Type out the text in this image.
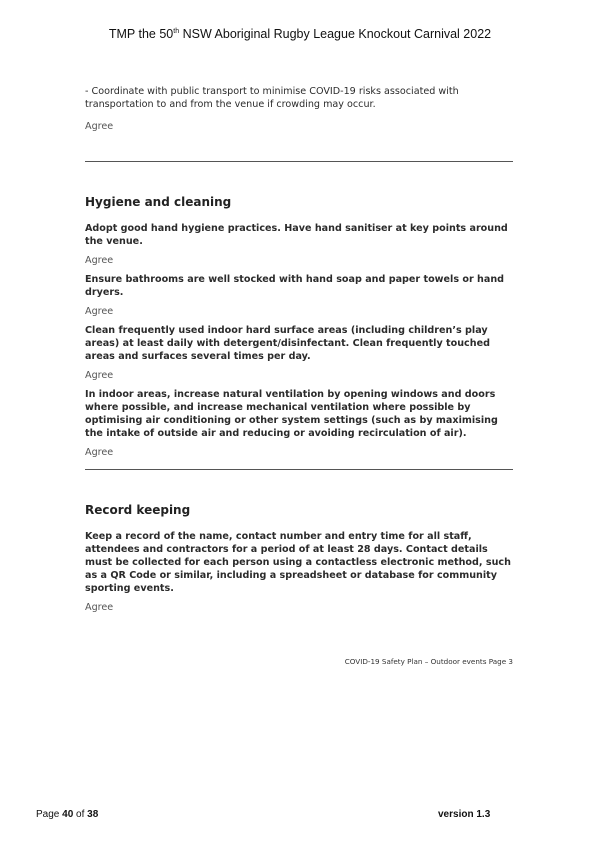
TMP the 50th NSW Aboriginal Rugby League Knockout Carnival 2022

- Coordinate with public transport to minimise COVID-19 risks associated with transportation to and from the venue if crowding may occur.

Agree

Hygiene and cleaning

Adopt good hand hygiene practices. Have hand sanitiser at key points around the venue.

Agree

Ensure bathrooms are well stocked with hand soap and paper towels or hand dryers.

Agree

Clean frequently used indoor hard surface areas (including children’s play areas) at least daily with detergent/disinfectant. Clean frequently touched areas and surfaces several times per day.

Agree

In indoor areas, increase natural ventilation by opening windows and doors where possible, and increase mechanical ventilation where possible by optimising air conditioning or other system settings (such as by maximising the intake of outside air and reducing or avoiding recirculation of air).

Agree

Record keeping

Keep a record of the name, contact number and entry time for all staff, attendees and contractors for a period of at least 28 days. Contact details must be collected for each person using a contactless electronic method, such as a QR Code or similar, including a spreadsheet or database for community sporting events.

Agree

COVID-19 Safety Plan – Outdoor events Page 3
Page 40 of 38	version 1.3
